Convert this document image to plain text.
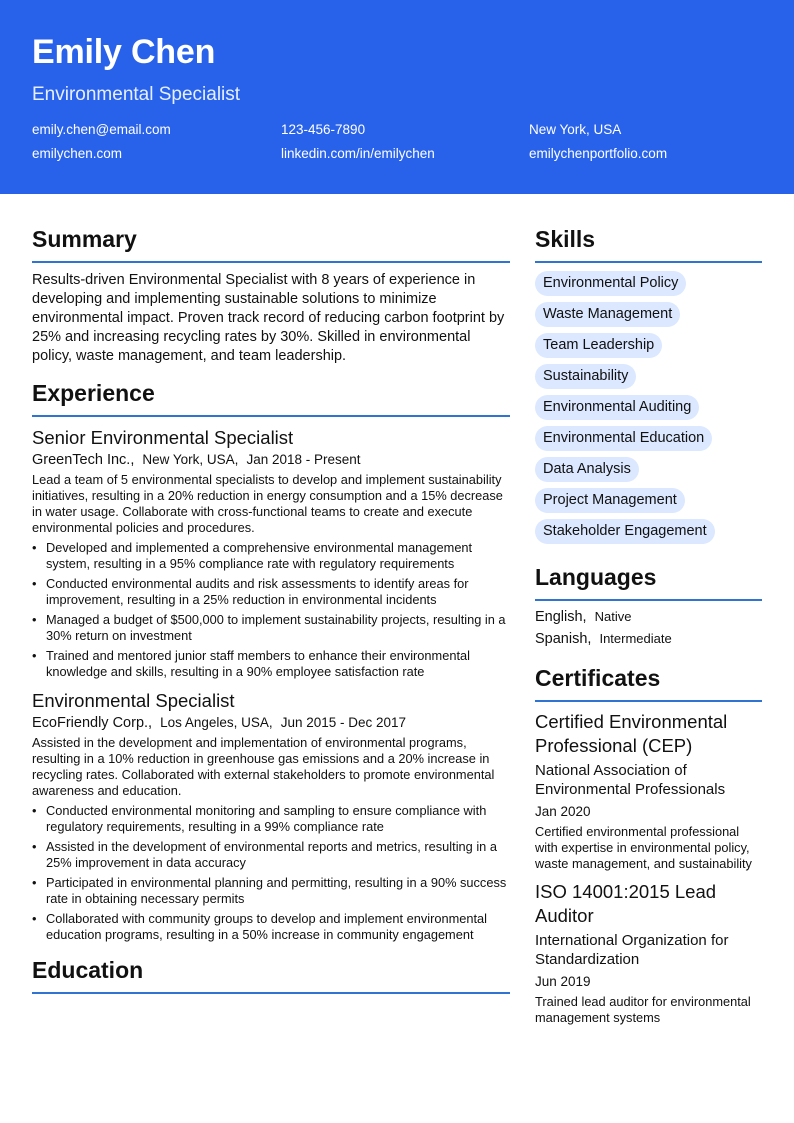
Emily Chen
Environmental Specialist
emily.chen@email.com	123-456-7890	New York, USA
emilychen.com	linkedin.com/in/emilychen	emilychenportfolio.com
Summary
Results-driven Environmental Specialist with 8 years of experience in developing and implementing sustainable solutions to minimize environmental impact. Proven track record of reducing carbon footprint by 25% and increasing recycling rates by 30%. Skilled in environmental policy, waste management, and team leadership.
Experience
Senior Environmental Specialist
GreenTech Inc., New York, USA, Jan 2018 - Present
Lead a team of 5 environmental specialists to develop and implement sustainability initiatives, resulting in a 20% reduction in energy consumption and a 15% decrease in water usage. Collaborate with cross-functional teams to create and execute environmental policies and procedures.
• Developed and implemented a comprehensive environmental management system, resulting in a 95% compliance rate with regulatory requirements
• Conducted environmental audits and risk assessments to identify areas for improvement, resulting in a 25% reduction in environmental incidents
• Managed a budget of $500,000 to implement sustainability projects, resulting in a 30% return on investment
• Trained and mentored junior staff members to enhance their environmental knowledge and skills, resulting in a 90% employee satisfaction rate
Environmental Specialist
EcoFriendly Corp., Los Angeles, USA, Jun 2015 - Dec 2017
Assisted in the development and implementation of environmental programs, resulting in a 10% reduction in greenhouse gas emissions and a 20% increase in recycling rates. Collaborated with external stakeholders to promote environmental awareness and education.
• Conducted environmental monitoring and sampling to ensure compliance with regulatory requirements, resulting in a 99% compliance rate
• Assisted in the development of environmental reports and metrics, resulting in a 25% improvement in data accuracy
• Participated in environmental planning and permitting, resulting in a 90% success rate in obtaining necessary permits
• Collaborated with community groups to develop and implement environmental education programs, resulting in a 50% increase in community engagement
Education
Skills
Environmental Policy
Waste Management
Team Leadership
Sustainability
Environmental Auditing
Environmental Education
Data Analysis
Project Management
Stakeholder Engagement
Languages
English, Native
Spanish, Intermediate
Certificates
Certified Environmental Professional (CEP)
National Association of Environmental Professionals
Jan 2020
Certified environmental professional with expertise in environmental policy, waste management, and sustainability
ISO 14001:2015 Lead Auditor
International Organization for Standardization
Jun 2019
Trained lead auditor for environmental management systems
